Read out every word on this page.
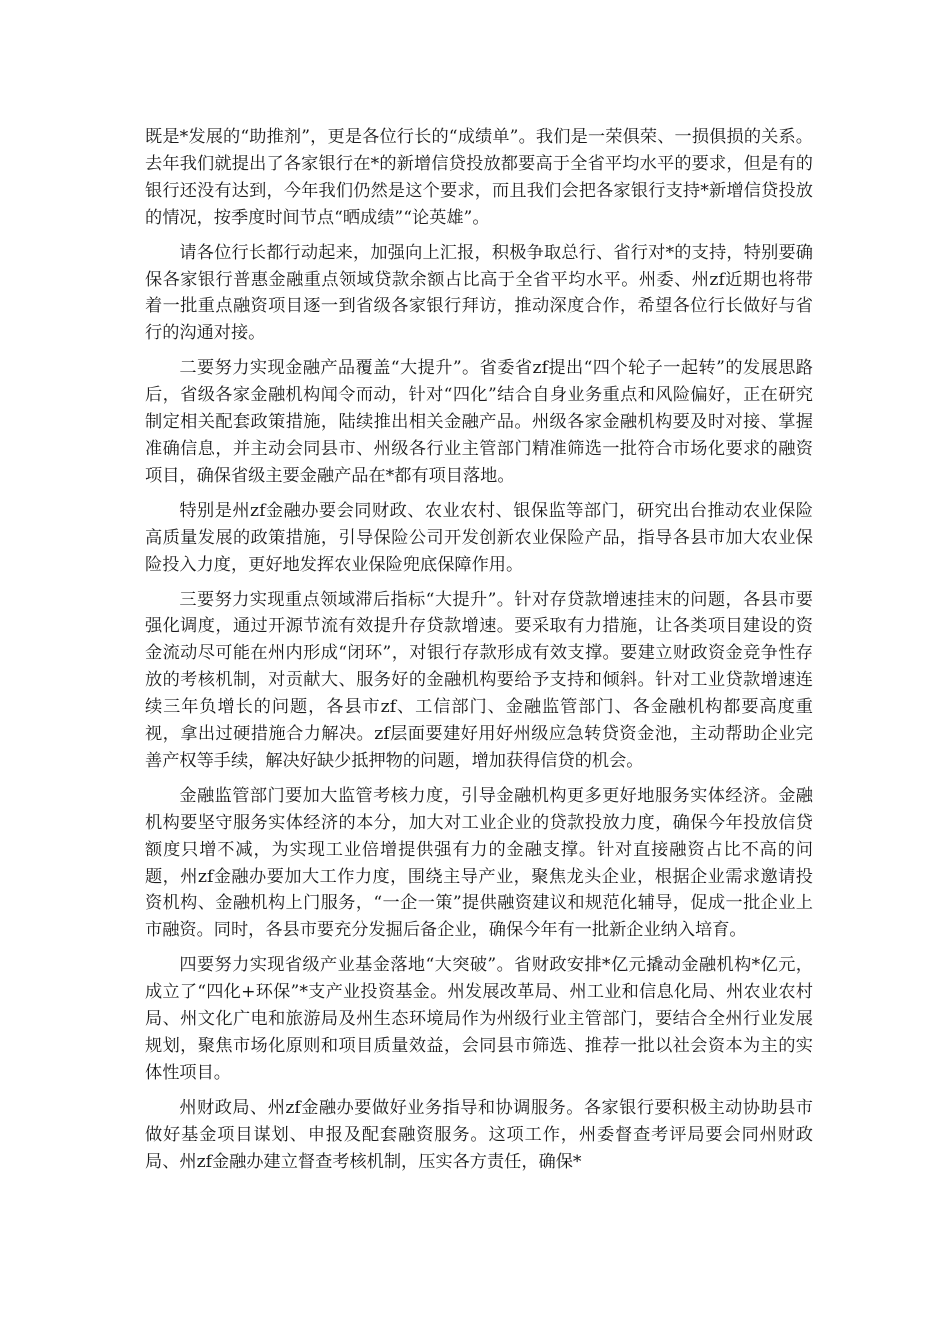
既是*发展的“助推剂”，更是各位行长的“成绩单”。我们是一荣俱荣、一损俱损的关系。去年我们就提出了各家银行在*的新增信贷投放都要高于全省平均水平的要求，但是有的银行还没有达到，今年我们仍然是这个要求，而且我们会把各家银行支持*新增信贷投放的情况，按季度时间节点“晒成绩”“论英雄”。

请各位行长都行动起来，加强向上汇报，积极争取总行、省行对*的支持，特别要确保各家银行普惠金融重点领域贷款余额占比高于全省平均水平。州委、州zf近期也将带着一批重点融资项目逐一到省级各家银行拜访，推动深度合作，希望各位行长做好与省行的沟通对接。

二要努力实现金融产品覆盖“大提升”。省委省zf提出“四个轮子一起转”的发展思路后，省级各家金融机构闻令而动，针对“四化”结合自身业务重点和风险偏好，正在研究制定相关配套政策措施，陆续推出相关金融产品。州级各家金融机构要及时对接、掌握准确信息，并主动会同县市、州级各行业主管部门精准筛选一批符合市场化要求的融资项目，确保省级主要金融产品在*都有项目落地。

特别是州zf金融办要会同财政、农业农村、银保监等部门，研究出台推动农业保险高质量发展的政策措施，引导保险公司开发创新农业保险产品，指导各县市加大农业保险投入力度，更好地发挥农业保险兜底保障作用。

三要努力实现重点领域滞后指标“大提升”。针对存贷款增速挂末的问题，各县市要强化调度，通过开源节流有效提升存贷款增速。要采取有力措施，让各类项目建设的资金流动尽可能在州内形成“闭环”，对银行存款形成有效支撑。要建立财政资金竞争性存放的考核机制，对贡献大、服务好的金融机构要给予支持和倾斜。针对工业贷款增速连续三年负增长的问题，各县市zf、工信部门、金融监管部门、各金融机构都要高度重视，拿出过硬措施合力解决。zf层面要建好用好州级应急转贷资金池，主动帮助企业完善产权等手续，解决好缺少抵押物的问题，增加获得信贷的机会。

金融监管部门要加大监管考核力度，引导金融机构更多更好地服务实体经济。金融机构要坚守服务实体经济的本分，加大对工业企业的贷款投放力度，确保今年投放信贷额度只增不减，为实现工业倍增提供强有力的金融支撑。针对直接融资占比不高的问题，州zf金融办要加大工作力度，围绕主导产业，聚焦龙头企业，根据企业需求邀请投资机构、金融机构上门服务，“一企一策”提供融资建议和规范化辅导，促成一批企业上市融资。同时，各县市要充分发掘后备企业，确保今年有一批新企业纳入培育。

四要努力实现省级产业基金落地“大突破”。省财政安排*亿元撬动金融机构*亿元，成立了“四化+环保”*支产业投资基金。州发展改革局、州工业和信息化局、州农业农村局、州文化广电和旅游局及州生态环境局作为州级行业主管部门，要结合全州行业发展规划，聚焦市场化原则和项目质量效益，会同县市筛选、推荐一批以社会资本为主的实体性项目。

州财政局、州zf金融办要做好业务指导和协调服务。各家银行要积极主动协助县市做好基金项目谋划、申报及配套融资服务。这项工作，州委督查考评局要会同州财政局、州zf金融办建立督查考核机制，压实各方责任，确保*
